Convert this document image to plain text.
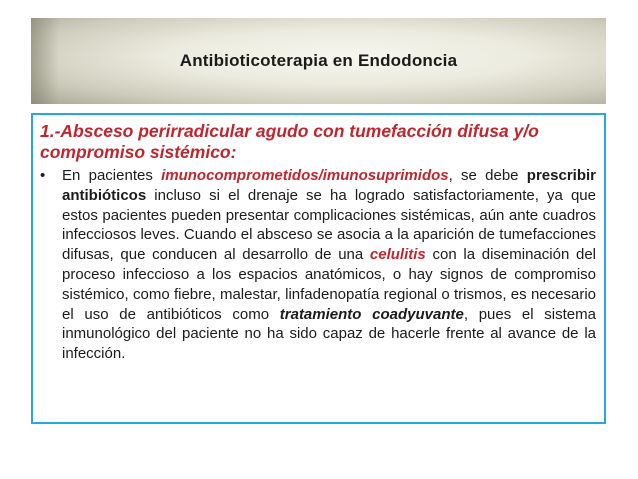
Antibioticoterapia en Endodoncia
1.-Absceso perirradicular agudo con tumefacción difusa y/o compromiso sistémico:
• En pacientes imunocomprometidos/imunosuprimidos, se debe prescribir antibióticos incluso si el drenaje se ha logrado satisfactoriamente, ya que estos pacientes pueden presentar complicaciones sistémicas, aún ante cuadros infecciosos leves. Cuando el absceso se asocia a la aparición de tumefacciones difusas, que conducen al desarrollo de una celulitis con la diseminación del proceso infeccioso a los espacios anatómicos, o hay signos de compromiso sistémico, como fiebre, malestar, linfadenopatía regional o trismos, es necesario el uso de antibióticos como tratamiento coadyuvante, pues el sistema inmunológico del paciente no ha sido capaz de hacerle frente al avance de la infección.
